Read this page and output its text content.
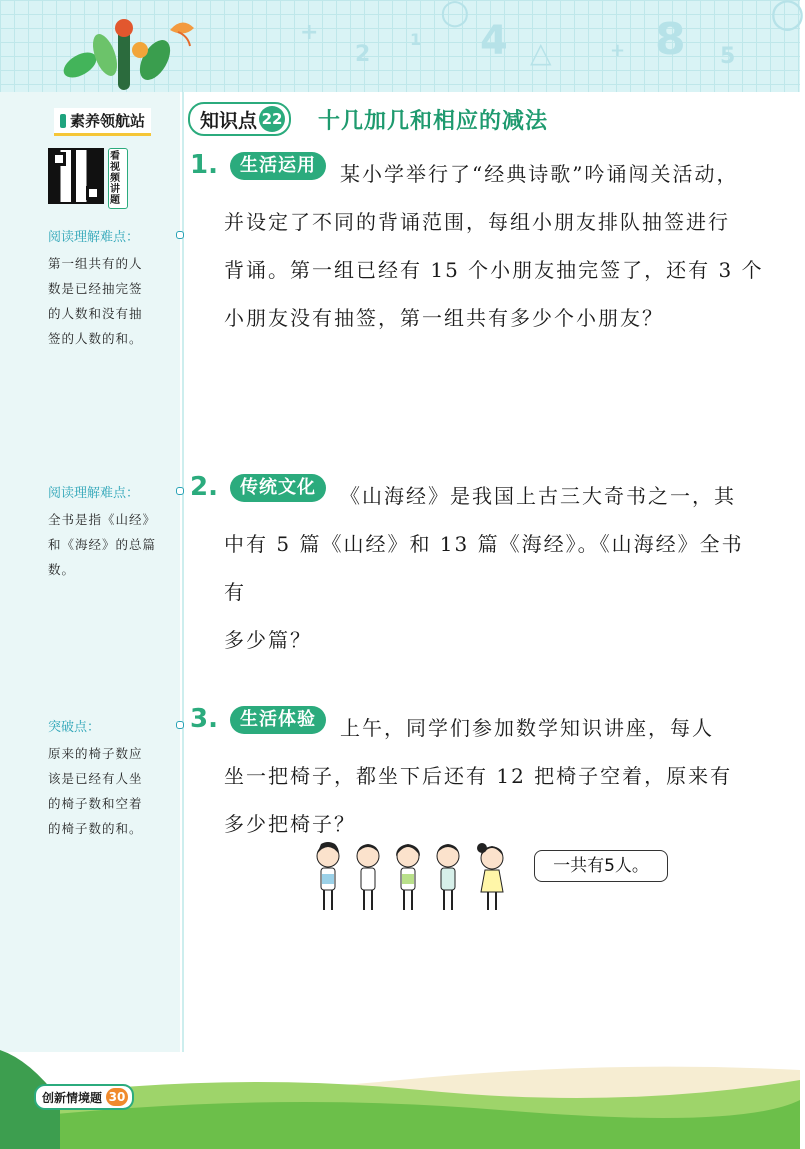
+
2
1
○
4 △	+ 8 5
○
素养领航站	知识点 22 十几加几和相应的减法
看视频讲题
阅读理解难点：
第一组共有的人
数是已经抽完签
的人数和没有抽
签的人数的和。
阅读理解难点：
全书是指《山经》
和《海经》的总篇
数。
突破点：
原来的椅子数应
该是已经有人坐
的椅子数和空着
的椅子数的和。
1.	某小学举行了“经典诗歌”吟诵闯关活动，
并设定了不同的背诵范围，每组小朋友排队抽签进行
背诵。第一组已经有 15 个小朋友抽完签了，还有 3 个
小朋友没有抽签，第一组共有多少个小朋友？
生活运用
2.	《山海经》是我国上古三大奇书之一，其
中有 5 篇《山经》和 13 篇《海经》。《山海经》全书有
多少篇？
传统文化
3.	上午，同学们参加数学知识讲座，每人
坐一把椅子，都坐下后还有 12 把椅子空着，原来有
多少把椅子？
生活体验
一共有5人。
创新情境题 30
